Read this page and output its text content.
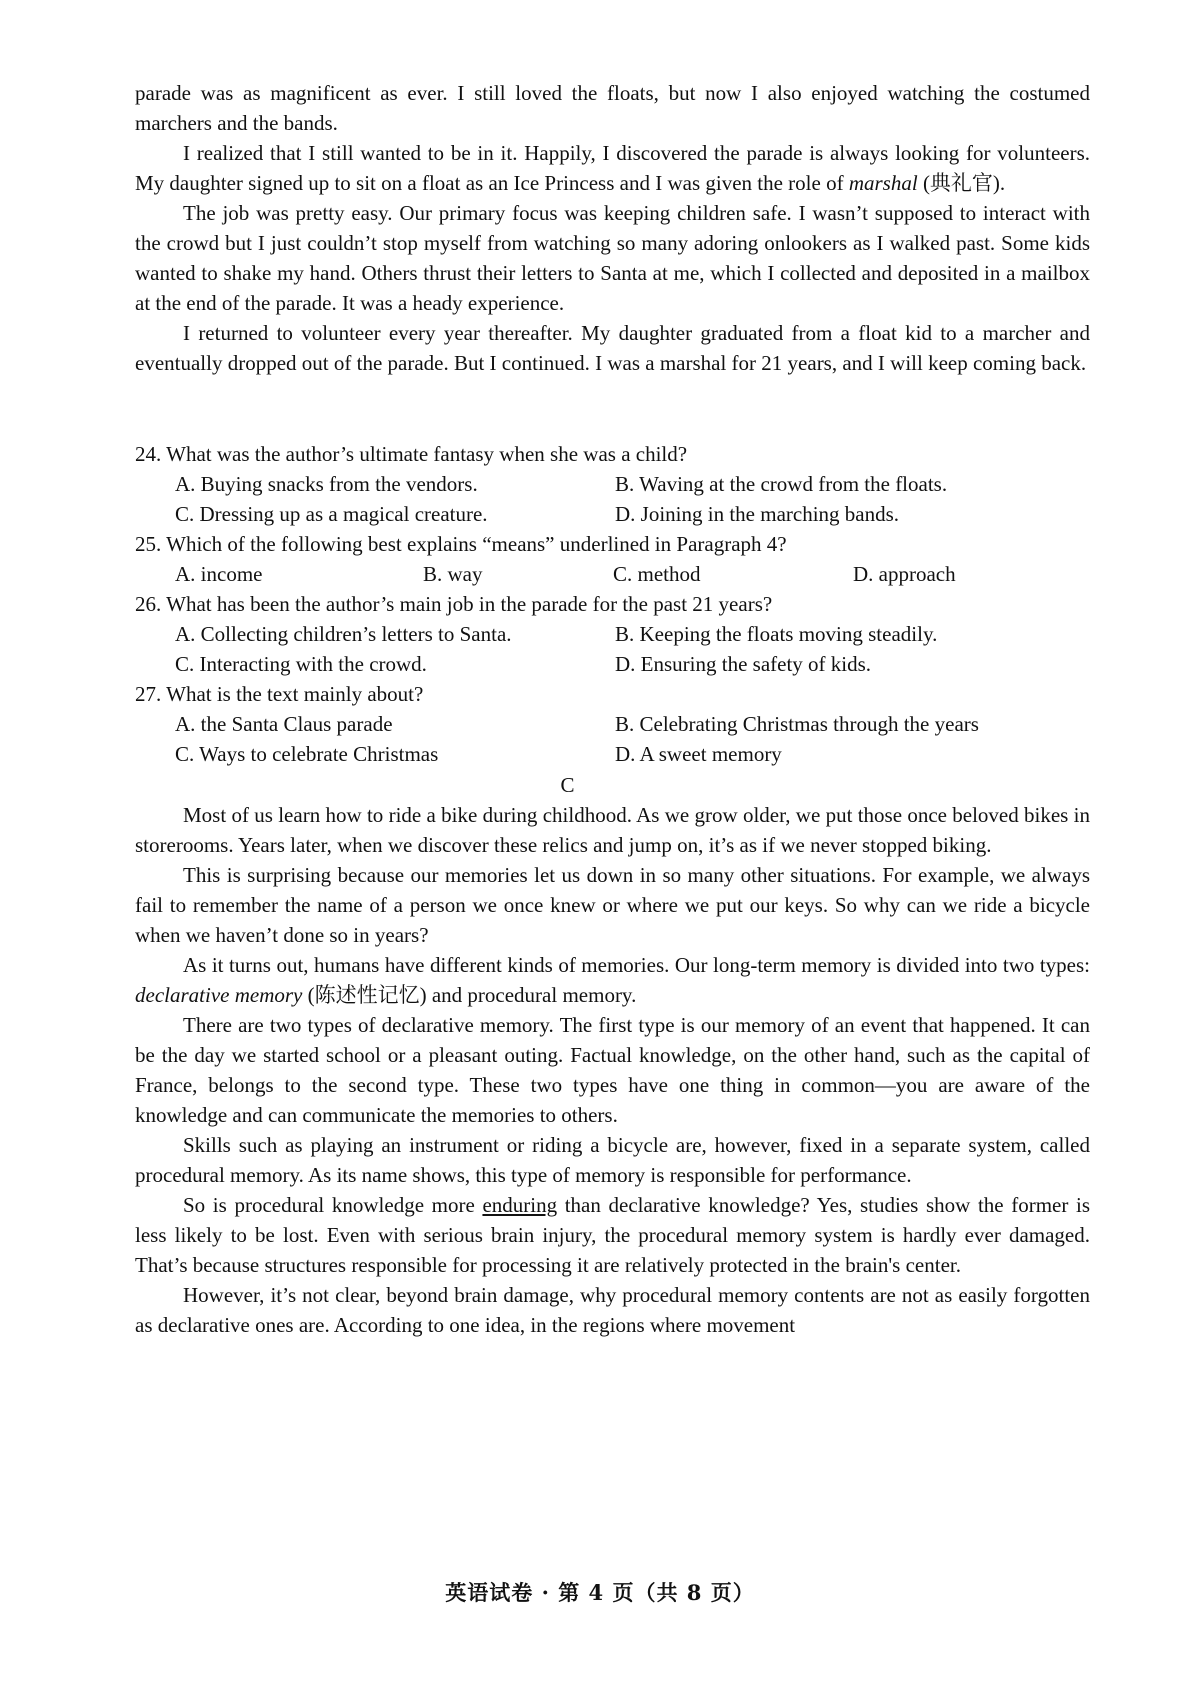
parade was as magnificent as ever. I still loved the floats, but now I also enjoyed watching the costumed marchers and the bands.

I realized that I still wanted to be in it. Happily, I discovered the parade is always looking for volunteers. My daughter signed up to sit on a float as an Ice Princess and I was given the role of marshal (典礼官).

The job was pretty easy. Our primary focus was keeping children safe. I wasn’t supposed to interact with the crowd but I just couldn’t stop myself from watching so many adoring onlookers as I walked past. Some kids wanted to shake my hand. Others thrust their letters to Santa at me, which I collected and deposited in a mailbox at the end of the parade. It was a heady experience.

I returned to volunteer every year thereafter. My daughter graduated from a float kid to a marcher and eventually dropped out of the parade. But I continued. I was a marshal for 21 years, and I will keep coming back.

24. What was the author’s ultimate fantasy when she was a child?

A. Buying snacks from the vendors.	B. Waving at the crowd from the floats.
C. Dressing up as a magical creature.	D. Joining in the marching bands.

25. Which of the following best explains “means” underlined in Paragraph 4?

A. income	B. way	C. method	D. approach

26. What has been the author’s main job in the parade for the past 21 years?

A. Collecting children’s letters to Santa.	B. Keeping the floats moving steadily.
C. Interacting with the crowd.	D. Ensuring the safety of kids.

27. What is the text mainly about?

A. the Santa Claus parade	B. Celebrating Christmas through the years
C. Ways to celebrate Christmas	D. A sweet memory

C

Most of us learn how to ride a bike during childhood. As we grow older, we put those once beloved bikes in storerooms. Years later, when we discover these relics and jump on, it’s as if we never stopped biking.

This is surprising because our memories let us down in so many other situations. For example, we always fail to remember the name of a person we once knew or where we put our keys. So why can we ride a bicycle when we haven’t done so in years?

As it turns out, humans have different kinds of memories. Our long-term memory is divided into two types: declarative memory (陈述性记忆) and procedural memory.

There are two types of declarative memory. The first type is our memory of an event that happened. It can be the day we started school or a pleasant outing. Factual knowledge, on the other hand, such as the capital of France, belongs to the second type. These two types have one thing in common—you are aware of the knowledge and can communicate the memories to others.

Skills such as playing an instrument or riding a bicycle are, however, fixed in a separate system, called procedural memory. As its name shows, this type of memory is responsible for performance.

So is procedural knowledge more enduring than declarative knowledge? Yes, studies show the former is less likely to be lost. Even with serious brain injury, the procedural memory system is hardly ever damaged. That’s because structures responsible for processing it are relatively protected in the brain's center.

However, it’s not clear, beyond brain damage, why procedural memory contents are not as easily forgotten as declarative ones are. According to one idea, in the regions where movement

英语试卷 · 第 4 页（共 8 页）
